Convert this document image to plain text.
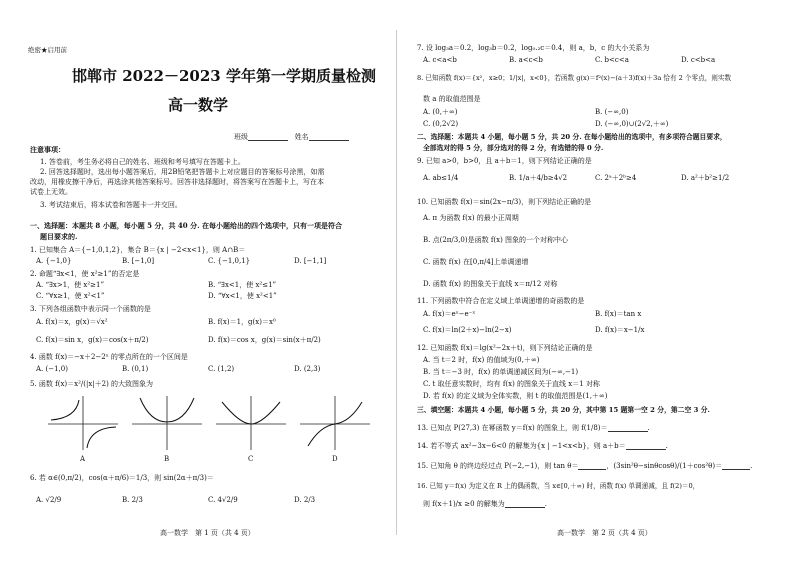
绝密★启用前
邯郸市 2022－2023 学年第一学期质量检测
高一数学
班级	姓名
注意事项：
1. 答卷前，考生务必将自己的姓名、班级和考号填写在答题卡上。
2. 回答选择题时，选出每小题答案后，用2B铅笔把答题卡上对应题目的答案标号涂黑，如需
改动，用橡皮擦干净后，再选涂其他答案标号。回答非选择题时，将答案写在答题卡上，写在本
试卷上无效。
3. 考试结束后，将本试卷和答题卡一并交回。
一、选择题：本题共 8 小题，每小题 5 分，共 40 分. 在每小题给出的四个选项中，只有一项是符合
题目要求的.
1. 已知集合 A＝{−1,0,1,2}，集合 B＝{x | −2<x<1}，则 A∩B＝
A. {−1,0}	B. [−1,0]	C. {−1,0,1}	D. [−1,1]
2. 命题“∃x<1，使 x²≥1”的否定是
A. “∃x>1，使 x²≥1”	B. “∃x<1，使 x²≤1”
C. “∀x≥1，使 x²<1”	D. “∀x<1，使 x²<1”
3. 下列各组函数中表示同一个函数的是
A. f(x)＝x，g(x)＝√x²	B. f(x)＝1，g(x)＝x⁰
C. f(x)＝sin x，g(x)＝cos(x＋π/2)	D. f(x)＝cos x，g(x)＝sin(x＋π/2)
4. 函数 f(x)＝−x＋2−2ˣ 的零点所在的一个区间是
A. (−1,0)	B. (0,1)	C. (1,2)	D. (2,3)
5. 函数 f(x)＝x²/(|x|＋2) 的大致图象为
A	B	C	D
6. 若 α∈(0,π/2)，cos(α＋π/6)＝1/3，则 sin(2α＋π/3)＝
A. √2/9	B. 2/3	C. 4√2/9	D. 2/3
高一数学　第 1 页（共 4 页）
7. 设 log₃a＝0.2，log₃b＝0.2，log₀.₂c＝0.4，则 a，b，c 的大小关系为
A. c<a<b	B. a<c<b	C. b<c<a	D. c<b<a
8. 已知函数 f(x)＝{x²，x≥0；1/|x|，x<0}，若函数 g(x)＝f²(x)−(a＋3)f(x)＋3a 恰有 2 个零点，则实数
数 a 的取值范围是
A. (0,＋∞)	B. (−∞,0)
C. (0,2√2)	D. (−∞,0)∪(2√2,＋∞)
二、选择题：本题共 4 小题，每小题 5 分，共 20 分. 在每小题给出的选项中，有多项符合题目要求，
全部选对的得 5 分，部分选对的得 2 分，有选错的得 0 分.
9. 已知 a>0，b>0，且 a＋b＝1，则下列结论正确的是
A. ab≤1/4	B. 1/a＋4/b≥4√2	C. 2ᵃ＋2ᵇ≥4	D. a²＋b²≥1/2
10. 已知函数 f(x)＝sin(2x−π/3)，则下列结论正确的是
A. π 为函数 f(x) 的最小正周期
B. 点(2π/3,0)是函数 f(x) 图象的一个对称中心
C. 函数 f(x) 在[0,π/4]上单调递增
D. 函数 f(x) 的图象关于直线 x＝π/12 对称
11. 下列函数中符合在定义域上单调递增的奇函数的是
A. f(x)＝eˣ−e⁻ˣ	B. f(x)＝tan x
C. f(x)＝ln(2＋x)−ln(2−x)	D. f(x)＝x−1/x
12. 已知函数 f(x)＝lg(x²−2x＋t)，则下列结论正确的是
A. 当 t＝2 时，f(x) 的值域为(0,＋∞)
B. 当 t＝−3 时，f(x) 的单调递减区间为(−∞,−1)
C. t 取任意实数时，均有 f(x) 的图象关于直线 x＝1 对称
D. 若 f(x) 的定义域为全体实数，则 t 的取值范围是(1,＋∞)
三、填空题：本题共 4 小题，每小题 5 分，共 20 分，其中第 15 题第一空 2 分，第二空 3 分.
13. 已知点 P(27,3) 在幂函数 y＝f(x) 的图象上，则 f(1/8)＝	.
14. 若不等式 ax²−3x−6<0 的解集为{x | −1<x<b}，则 a＋b＝	.
15. 已知角 θ 的终边经过点 P(−2,−1)，则 tan θ＝	，(3sin²θ−sinθcosθ)/(1＋cos²θ)＝	.
16. 已知 y＝f(x) 为定义在 R 上的偶函数，当 x∈[0,＋∞) 时，函数 f(x) 单调递减，且 f(2)＝0，
则 f(x＋1)/x ≥0 的解集为	.
高一数学　第 2 页（共 4 页）
